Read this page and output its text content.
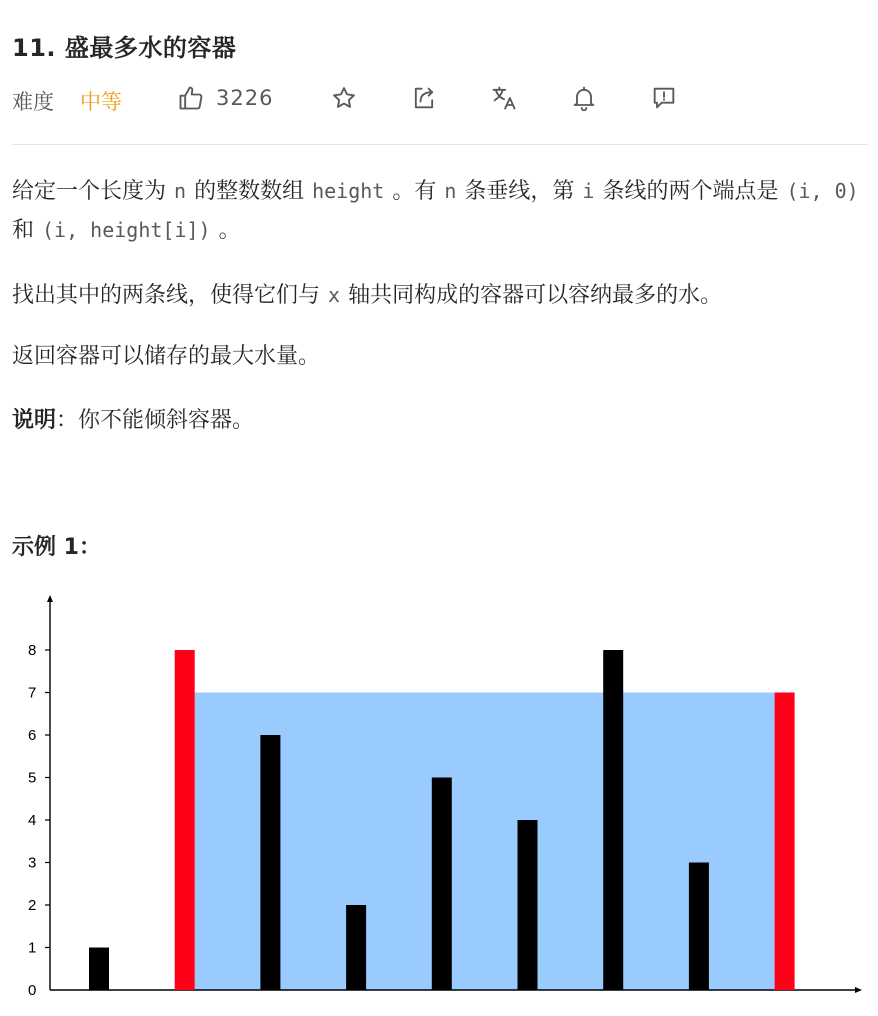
11. 盛最多水的容器
难度 中等	3226
给定一个长度为 n 的整数数组 height 。有 n 条垂线，第 i 条线的两个端点是 (i, 0)和 (i, height[i]) 。
找出其中的两条线，使得它们与 x 轴共同构成的容器可以容纳最多的水。
返回容器可以储存的最大水量。
说明：你不能倾斜容器。
示例 1：
0
1
2
3
4
5
6
7
8
